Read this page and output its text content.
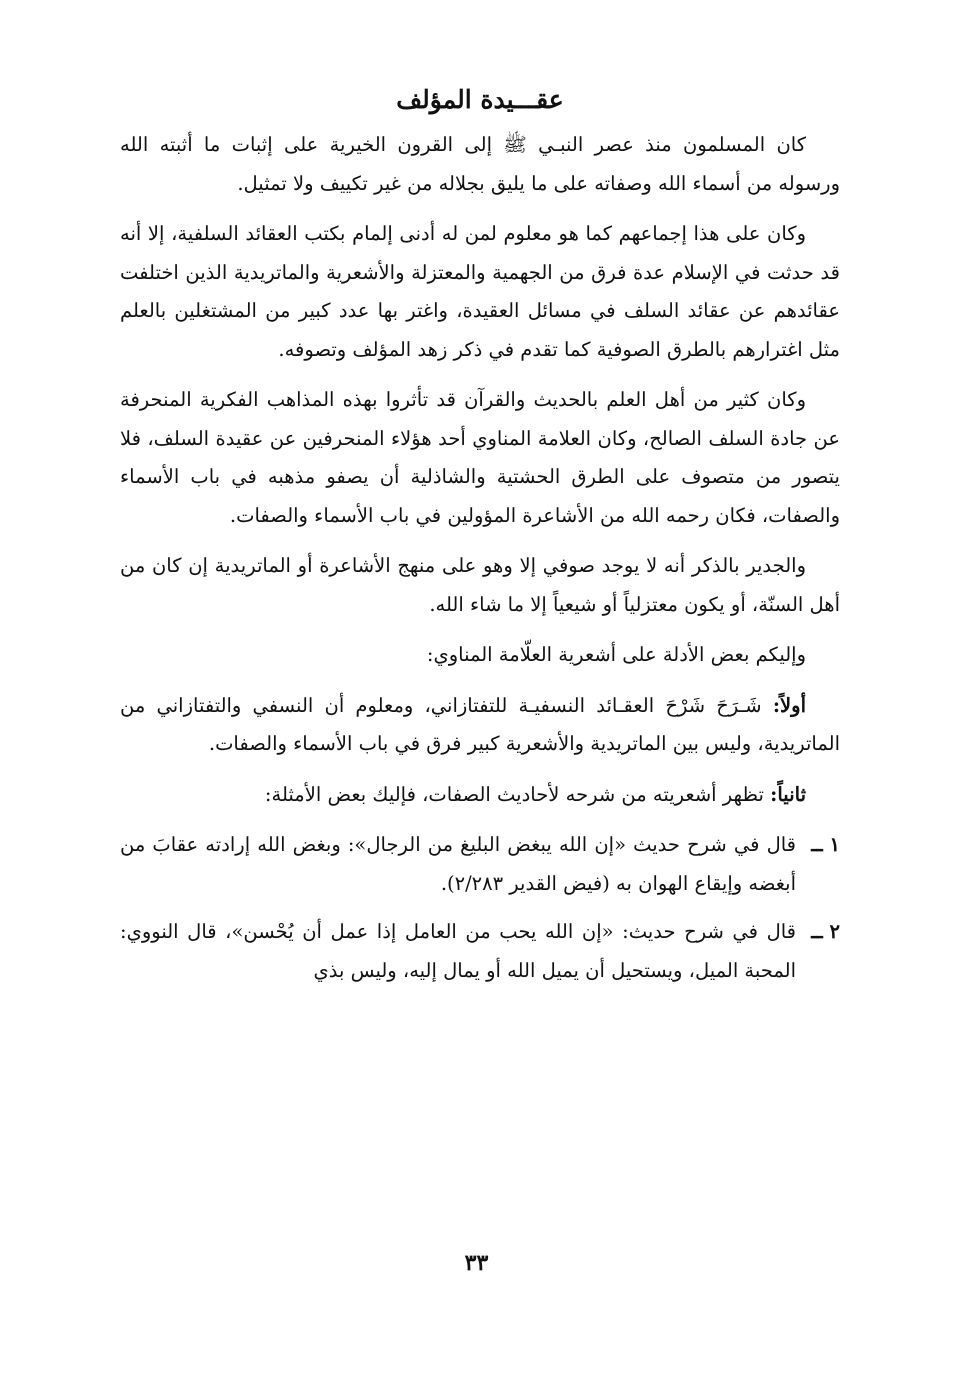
عقـــيدة المؤلف

كان المسلمون منذ عصر النبـي ﷺ إلى القرون الخيرية على إثبات ما أثبته الله ورسوله من أسماء الله وصفاته على ما يليق بجلاله من غير تكييف ولا تمثيل.

وكان على هذا إجماعهم كما هو معلوم لمن له أدنى إلمام بكتب العقائد السلفية، إلا أنه قد حدثت في الإسلام عدة فرق من الجهمية والمعتزلة والأشعرية والماتريدية الذين اختلفت عقائدهم عن عقائد السلف في مسائل العقيدة، واغتر بها عدد كبير من المشتغلين بالعلم مثل اغترارهم بالطرق الصوفية كما تقدم في ذكر زهد المؤلف وتصوفه.

وكان كثير من أهل العلم بالحديث والقرآن قد تأثروا بهذه المذاهب الفكرية المنحرفة عن جادة السلف الصالح، وكان العلامة المناوي أحد هؤلاء المنحرفين عن عقيدة السلف، فلا يتصور من متصوف على الطرق الحشتية والشاذلية أن يصفو مذهبه في باب الأسماء والصفات، فكان رحمه الله من الأشاعرة المؤولين في باب الأسماء والصفات.

والجدير بالذكر أنه لا يوجد صوفي إلا وهو على منهج الأشاعرة أو الماتريدية إن كان من أهل السنّة، أو يكون معتزلياً أو شيعياً إلا ما شاء الله.

وإليكم بعض الأدلة على أشعرية العلّامة المناوي:

أولاً: شَـرَحَ شَرْحَ العقـائد النسفيـة للتفتازاني، ومعلوم أن النسفي والتفتازاني من الماتريدية، وليس بين الماتريدية والأشعرية كبير فرق في باب الأسماء والصفات.

ثانياً: تظهر أشعريته من شرحه لأحاديث الصفات، فإليك بعض الأمثلة:

١ ــ
قال في شرح حديث «إن الله يبغض البليغ من الرجال»: وبغض الله إرادته عقابَ من أبغضه وإيقاع الهوان به (فيض القدير ٢/٢٨٣).
٢ ــ
قال في شرح حديث: «إن الله يحب من العامل إذا عمل أن يُحْسن»، قال النووي: المحبة الميل، ويستحيل أن يميل الله أو يمال إليه، وليس بذي
٣٣
